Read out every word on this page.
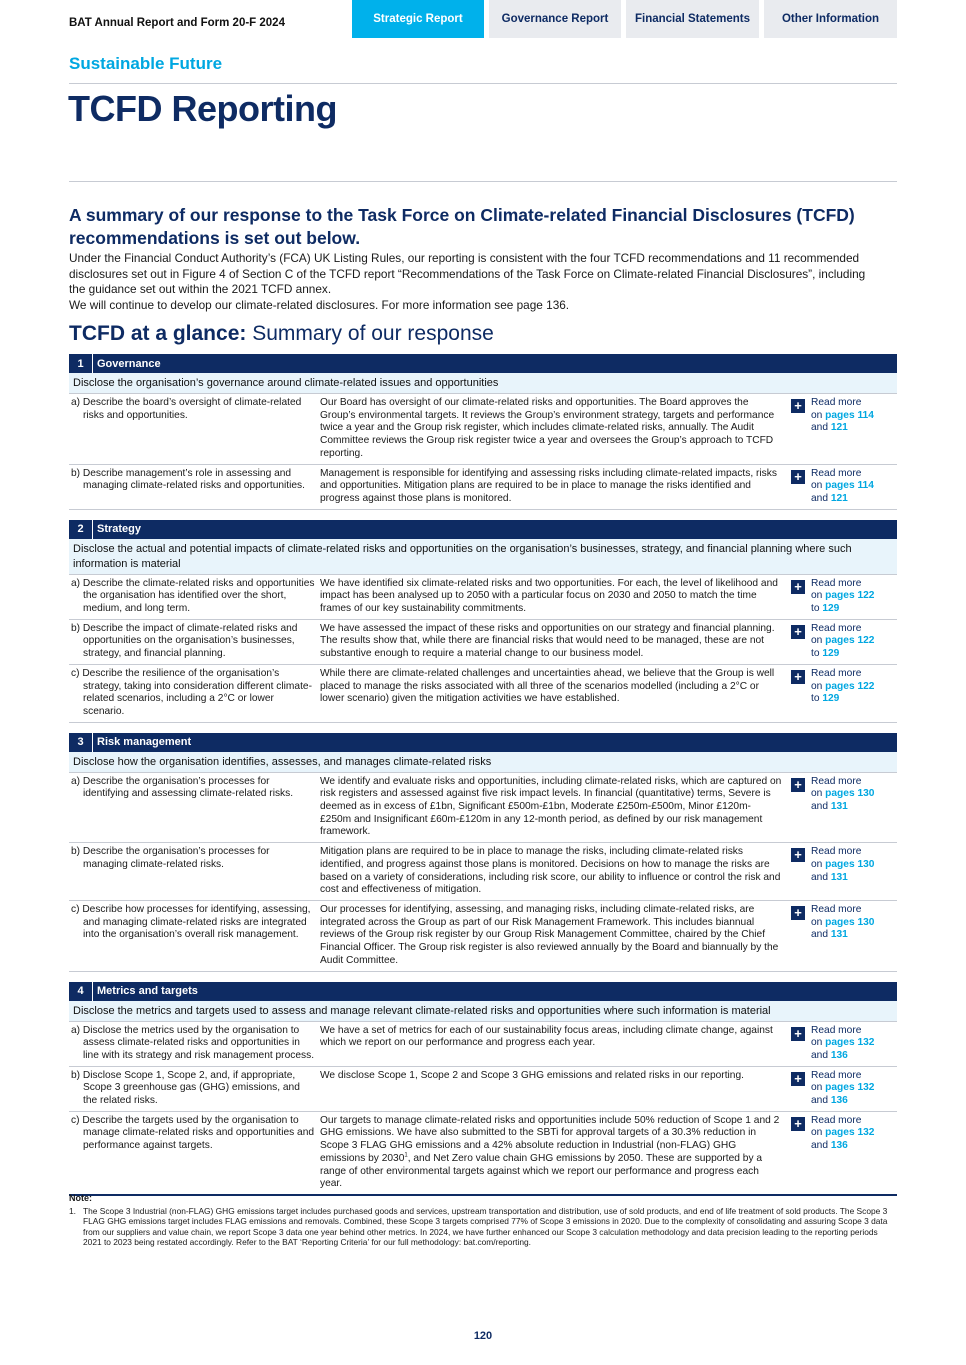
BAT Annual Report and Form 20-F 2024	Strategic Report	Governance Report	Financial Statements	Other Information
Sustainable Future
TCFD Reporting
A summary of our response to the Task Force on Climate-related Financial Disclosures (TCFD) recommendations is set out below.

Under the Financial Conduct Authority’s (FCA) UK Listing Rules, our reporting is consistent with the four TCFD recommendations and 11 recommended disclosures set out in Figure 4 of Section C of the TCFD report “Recommendations of the Task Force on Climate-related Financial Disclosures”, including the guidance set out within the 2021 TCFD annex.

We will continue to develop our climate-related disclosures. For more information see page 136.

TCFD at a glance: Summary of our response
1	Governance
Disclose the organisation’s governance around climate-related issues and opportunities
a) Describe the board’s oversight of climate-related risks and opportunities.
Our Board has oversight of our climate-related risks and opportunities. The Board approves the Group’s environmental targets. It reviews the Group’s environment strategy, targets and performance twice a year and the Group risk register, which includes climate-related risks, annually. The Audit Committee reviews the Group risk register twice a year and oversees the Group’s approach to TCFD reporting.
+ Read more
on pages 114
and 121
b) Describe management’s role in assessing and managing climate-related risks and opportunities.
Management is responsible for identifying and assessing risks including climate-related impacts, risks and opportunities. Mitigation plans are required to be in place to manage the risks identified and progress against those plans is monitored.
+ Read more
on pages 114
and 121
2	Strategy
Disclose the actual and potential impacts of climate-related risks and opportunities on the organisation’s businesses, strategy, and financial planning where such information is material
a) Describe the climate-related risks and opportunities the organisation has identified over the short, medium, and long term.
We have identified six climate-related risks and two opportunities. For each, the level of likelihood and impact has been analysed up to 2050 with a particular focus on 2030 and 2050 to match the time frames of our key sustainability commitments.
+ Read more
on pages 122
to 129
b) Describe the impact of climate-related risks and opportunities on the organisation’s businesses, strategy, and financial planning.
We have assessed the impact of these risks and opportunities on our strategy and financial planning. The results show that, while there are financial risks that would need to be managed, these are not substantive enough to require a material change to our business model.
+ Read more
on pages 122
to 129
c) Describe the resilience of the organisation’s strategy, taking into consideration different climate-related scenarios, including a 2°C or lower scenario.
While there are climate-related challenges and uncertainties ahead, we believe that the Group is well placed to manage the risks associated with all three of the scenarios modelled (including a 2°C or lower scenario) given the mitigation activities we have established.
+ Read more
on pages 122
to 129
3	Risk management
Disclose how the organisation identifies, assesses, and manages climate-related risks
a) Describe the organisation’s processes for identifying and assessing climate-related risks.
We identify and evaluate risks and opportunities, including climate-related risks, which are captured on risk registers and assessed against five risk impact levels. In financial (quantitative) terms, Severe is deemed as in excess of £1bn, Significant £500m-£1bn, Moderate £250m-£500m, Minor £120m-£250m and Insignificant £60m-£120m in any 12-month period, as defined by our risk management framework.
+ Read more
on pages 130
and 131
b) Describe the organisation’s processes for managing climate-related risks.
Mitigation plans are required to be in place to manage the risks, including climate-related risks identified, and progress against those plans is monitored. Decisions on how to manage the risks are based on a variety of considerations, including risk score, our ability to influence or control the risk and cost and effectiveness of mitigation.
+ Read more
on pages 130
and 131
c) Describe how processes for identifying, assessing, and managing climate-related risks are integrated into the organisation’s overall risk management.
Our processes for identifying, assessing, and managing risks, including climate-related risks, are integrated across the Group as part of our Risk Management Framework. This includes biannual reviews of the Group risk register by our Group Risk Management Committee, chaired by the Chief Financial Officer. The Group risk register is also reviewed annually by the Board and biannually by the Audit Committee.
+ Read more
on pages 130
and 131
4	Metrics and targets
Disclose the metrics and targets used to assess and manage relevant climate-related risks and opportunities where such information is material
a) Disclose the metrics used by the organisation to assess climate-related risks and opportunities in line with its strategy and risk management process.
We have a set of metrics for each of our sustainability focus areas, including climate change, against which we report on our performance and progress each year.
+ Read more
on pages 132
and 136
b) Disclose Scope 1, Scope 2, and, if appropriate, Scope 3 greenhouse gas (GHG) emissions, and the related risks.
We disclose Scope 1, Scope 2 and Scope 3 GHG emissions and related risks in our reporting.	+ Read more
on pages 132
and 136
c) Describe the targets used by the organisation to manage climate-related risks and opportunities and performance against targets.
Our targets to manage climate-related risks and opportunities include 50% reduction of Scope 1 and 2 GHG emissions. We have also submitted to the SBTi for approval targets of a 30.3% reduction in Scope 3 FLAG GHG emissions and a 42% absolute reduction in Industrial (non-FLAG) GHG emissions by 2030$^1$, and Net Zero value chain GHG emissions by 2050. These are supported by a range of other environmental targets against which we report our performance and progress each year.
+ Read more
on pages 132
and 136
Note:
1. The Scope 3 Industrial (non-FLAG) GHG emissions target includes purchased goods and services, upstream transportation and distribution, use of sold products, and end of life treatment of sold products. The Scope 3 FLAG GHG emissions target includes FLAG emissions and removals. Combined, these Scope 3 targets comprised 77% of Scope 3 emissions in 2020. Due to the complexity of consolidating and assuring Scope 3 data from our suppliers and value chain, we report Scope 3 data one year behind other metrics. In 2024, we have further enhanced our Scope 3 calculation methodology and data precision leading to the reporting periods 2021 to 2023 being restated accordingly. Refer to the BAT ‘Reporting Criteria’ for our full methodology: bat.com/reporting.
120
